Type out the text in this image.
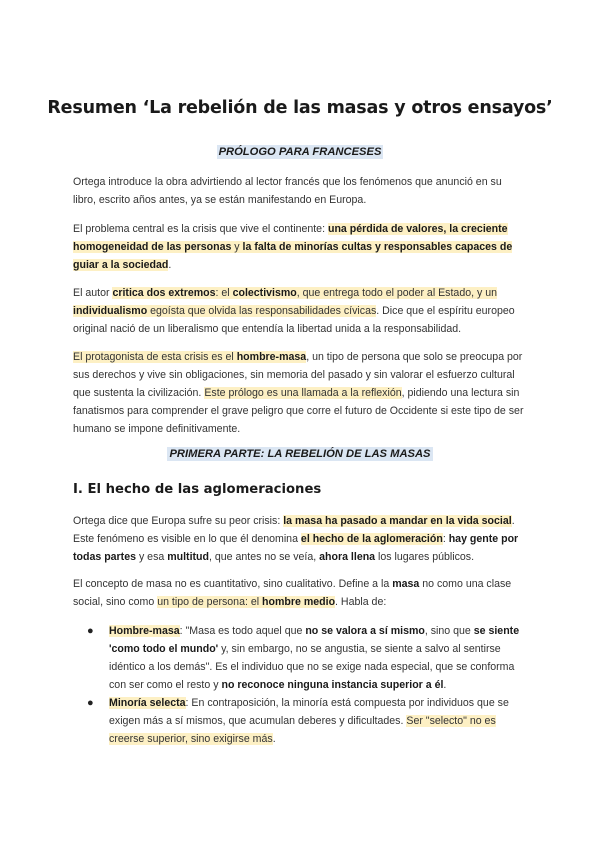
Resumen ‘La rebelión de las masas y otros ensayos’
PRÓLOGO PARA FRANCESES

Ortega introduce la obra advirtiendo al lector francés que los fenómenos que anunció en su libro, escrito años antes, ya se están manifestando en Europa.

El problema central es la crisis que vive el continente: una pérdida de valores, la creciente homogeneidad de las personas y la falta de minorías cultas y responsables capaces de guiar a la sociedad.

El autor critica dos extremos: el colectivismo, que entrega todo el poder al Estado, y un individualismo egoísta que olvida las responsabilidades cívicas. Dice que el espíritu europeo original nació de un liberalismo que entendía la libertad unida a la responsabilidad.

El protagonista de esta crisis es el hombre-masa, un tipo de persona que solo se preocupa por sus derechos y vive sin obligaciones, sin memoria del pasado y sin valorar el esfuerzo cultural que sustenta la civilización. Este prólogo es una llamada a la reflexión, pidiendo una lectura sin fanatismos para comprender el grave peligro que corre el futuro de Occidente si este tipo de ser humano se impone definitivamente.

PRIMERA PARTE: LA REBELIÓN DE LAS MASAS
I. El hecho de las aglomeraciones

Ortega dice que Europa sufre su peor crisis: la masa ha pasado a mandar en la vida social. Este fenómeno es visible en lo que él denomina el hecho de la aglomeración: hay gente por todas partes y esa multitud, que antes no se veía, ahora llena los lugares públicos.

El concepto de masa no es cuantitativo, sino cualitativo. Define a la masa no como una clase social, sino como un tipo de persona: el hombre medio. Habla de:

● Hombre-masa: "Masa es todo aquel que no se valora a sí mismo, sino que se siente 'como todo el mundo' y, sin embargo, no se angustia, se siente a salvo al sentirse idéntico a los demás". Es el individuo que no se exige nada especial, que se conforma con ser como el resto y no reconoce ninguna instancia superior a él.
● Minoría selecta: En contraposición, la minoría está compuesta por individuos que se exigen más a sí mismos, que acumulan deberes y dificultades. Ser "selecto" no es creerse superior, sino exigirse más.
